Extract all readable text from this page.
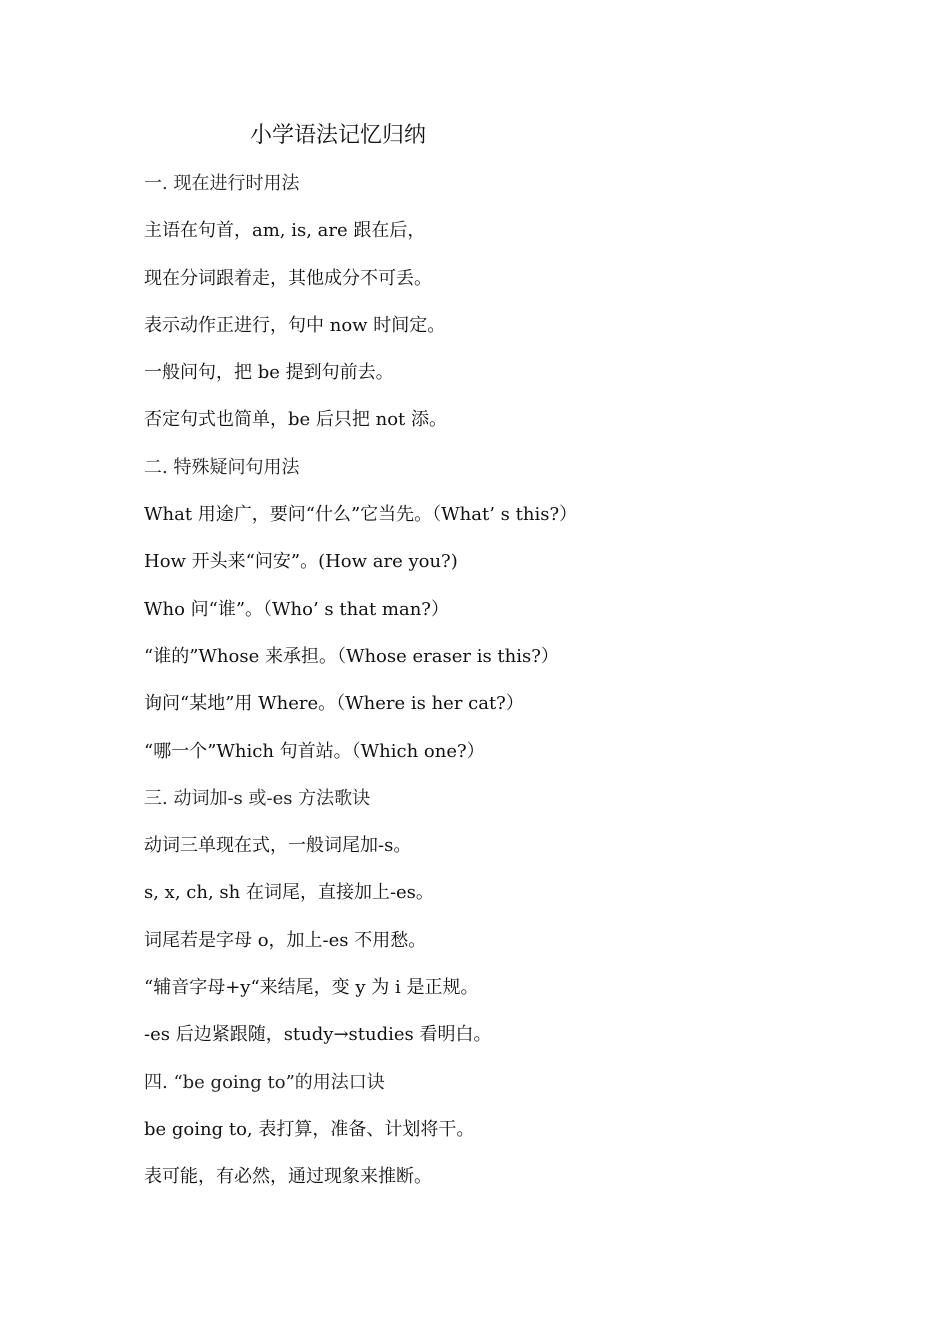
小学语法记忆归纳
一. 现在进行时用法
主语在句首，am, is, are 跟在后，
现在分词跟着走，其他成分不可丢。
表示动作正进行，句中 now 时间定。
一般问句，把 be 提到句前去。
否定句式也简单，be 后只把 not 添。
二. 特殊疑问句用法
What 用途广，要问“什么”它当先。（What’ s this?）
How 开头来“问安”。(How are you?)
Who 问“谁”。（Who’ s that man?）
“谁的”Whose 来承担。（Whose eraser is this?）
询问“某地”用 Where。（Where is her cat?）
“哪一个”Which 句首站。（Which one?）
三. 动词加-s 或-es 方法歌诀
动词三单现在式，一般词尾加-s。
s, x, ch, sh 在词尾，直接加上-es。
词尾若是字母 o，加上-es 不用愁。
“辅音字母+y“来结尾，变 y 为 i 是正规。
-es 后边紧跟随，study→studies 看明白。
四. “be going to”的用法口诀
be going to, 表打算，准备、计划将干。
表可能，有必然，通过现象来推断。
